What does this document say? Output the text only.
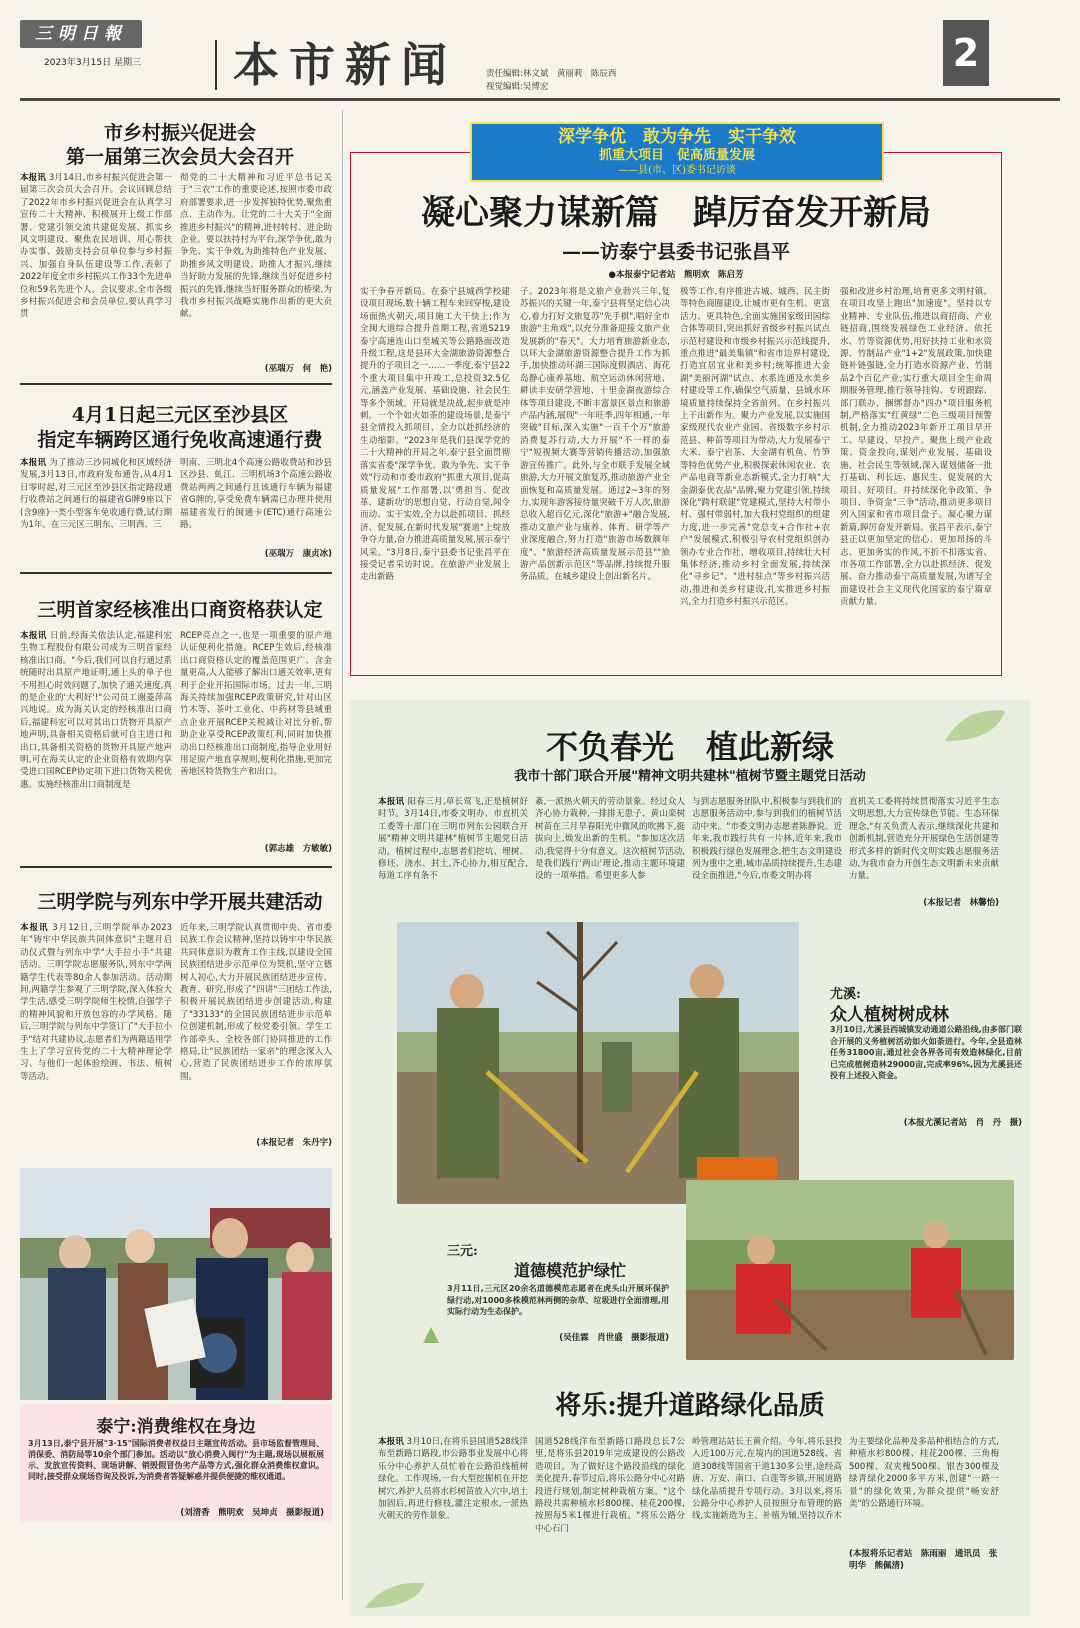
三明日報
2023年3月15日 星期三 本市新闻	责任编辑:林文斌　黄丽莉　陈辰西
视觉编辑:吴博宏
2
市乡村振兴促进会
第一届第三次会员大会召开
本报讯 3月14日,市乡村振兴促进会第一届第三次会员大会召开。会议回顾总结了2022年市乡村振兴促进会在认真学习宣传二十大精神、积极展开上级工作部署、党建引领交流共建促发展、抓实乡风文明建设、聚焦农民培训、用心帮扶办实事、鼓励支持会员单位参与乡村振兴、加强自身队伍建设等工作,表彰了2022年度全市乡村振兴工作33个先进单位和59名先进个人。会议要求,全市各级乡村振兴促进会和会员单位,要认真学习贯
彻党的二十大精神和习近平总书记关于"三农"工作的重要论述,按照市委市政府部署要求,进一步发挥独特优势,聚焦重点、主动作为。让党的二十大关于"全面推进乡村振兴"的精神,进村转村、进企助企业。要以扶持村为平台,深学争优,敢为争先、实干争效,为助推特色产业发展、助推乡风文明建设、助推人才振兴,继续当好助力发展的先锋,继续当好促进乡村振兴的先锋,继续当好服务群众的桥梁,为我市乡村振兴战略实施作出新的更大贡献。
(巫瑞万　何　艳)
4月1日起三元区至沙县区
指定车辆跨区通行免收高速通行费
本报讯 为了推动三沙同城化和区域经济发展,3月13日,市政府发布通告,从4月1日零时起,对三元区至沙县区指定路段通行收费站之间通行的福建省G牌9座以下(含9座)一类小型客车免收通行费,试行期为1年。在三元区三明东、三明西、三
明南、三明北4个高速公路收费站和沙县区沙县、虬江、三明机场3个高速公路收费站两两之间通行且该通行车辆为福建省G牌的,享受免费车辆需已办理并使用福建省发行的闽通卡(ETC)通行高速公路。
(巫瑞万　康贞冰)
三明首家经核准出口商资格获认定
本报讯 日前,经海关依法认定,福建科宏生物工程股份有限公司成为三明首家经核准出口商。"今后,我们可以自行通过系统随时出具原产地证明,通上头的单子也不用担心时效问题了,加快了通关速度,真的是企业的'大利好'!"公司员工谢菱萍高兴地说。成为海关认定的经核准出口商后,福建科宏可以对其出口货物开具原产地声明,具备相关资格后就可自主进口和出口,具备相关资格的货物开具原产地声明,可在海关认定的企业资格有效期内享受进口国RCEP协定项下进口货物关税优惠。实施经核准出口商制度是
RCEP亮点之一,也是一项重要的原产地认证便利化措施。RCEP生效后,经核准出口商资格认定的覆盖范围更广、含金量更高,人人能够了解出口通关效率,更有利于企业开拓国际市场。过去一年,三明海关持续加强RCEP政策研究,针对山区竹木等、茶叶工业化、中药材等县域重点企业开展RCEP关税减让对比分析,帮助企业享受RCEP政策红利,同时加快推动出口经核准出口商制度,指导企业用好用足原产地直享规则,便利化措施,更加完善地区特货物生产和出口。
(郭志雄　方敏敏)
三明学院与列东中学开展共建活动
本报讯 3月12日,三明学院举办2023年"铸牢中华民族共同体意识"主题月启动仪式暨与列东中学"大手拉小手"共建活动。三明学院志愿服务队,列东中学两籍学生代表等80余人参加活动。活动期间,两籍学生参观了三明学院,深入体验大学生活,感受三明学院师生校情,自强学子的精神风貌和开放包容的办学风格。随后,三明学院与列东中学签订了"大手拉小手"结对共建协议,志愿者们为两籍适用学生上了学习宣传党的二十大精神理论学习、与他们一起体验绘画、书法、植树等活动。
近年来,三明学院认真贯彻中央、省市委民族工作会议精神,坚持以铸牢中华民族共同体意识为教育工作主线,以建设全国民族团结进步示范单位为契机,坚守立德树人初心,大力开展民族团结进步宣传、教育、研究,形成了"四讲"三团结工作法,积极开展民族团结进步创建活动,构建了"33133"的全国民族团结进步示范单位创建机制,形成了校党委引领、学生工作部牵头、全校各部门协同推进的工作格局,让"民族团结一家亲"的理念深入人心,营造了民族团结进步工作的浓厚氛围。
(本报记者　朱丹宇)
泰宁:消费维权在身边
3月13日,泰宁县开展"3·15"国际消费者权益日主题宣传活动。县市场监督管理局、消保委、消防局等10余个部门参加。活动以"放心消费入闽行"为主题,现场以展板展示、发放宣传资料、现场讲解、销毁假冒伪劣产品等方式,强化群众消费维权意识。同时,接受群众现场咨询及投诉,为消费者答疑解惑并提供便捷的维权通道。
(刘清香　熊明欢　吴坤贞　摄影报道)
深学争优　敢为争先　实干争效
抓重大项目　促高质量发展
——县(市、区)委书记访谈
凝心聚力谋新篇　踔厉奋发开新局
——访泰宁县委书记张昌平
●本报泰宁记者站　熊明欢　陈启芳
实干争春开新局。在泰宁县城西学校建设项目现场,数十辆工程车来回穿梭,建设场面热火朝天,项目施工大干快上;作为全闽大道综合提升首期工程,省道S219泰宁高速连山口至城关等公路路面改造升级工程,这是县环大金湖旅游资源整合提升的子项目之一……一季度,泰宁县22个重大项目集中开竣工,总投资32.5亿元,涵盖产业发展、基础设施、社会民生等多个领域。开局就是决战,起步就是冲刺。一个个如火如荼的建设场景,是泰宁县全情投入抓项目、全力以赴抓经济的生动缩影。"2023年是我们县深学党的二十大精神的开局之年,泰宁县全面贯彻落实省委"深学争优、敢为争先、实干争效"行动和市委市政府"抓重大项目,促高质量发展"工作部署,以'勇担当、促改革、建新功'的思想自觉、行动自觉,闻令而动、实干实效,全力以赴抓项目、抓经济、促发展,在新时代发展"赛道"上绽放争夺力量,奋力推进高质量发展,展示泰宁风采。"3月8日,泰宁县委书记张昌平在接受记者采访时说。在旅游产业发展上走出新路
子。2023年将是文旅产业勃兴三年,复苏振兴的关键一年,泰宁县将坚定信心决心,着力打好文旅复苏"先手棋",唱好全市旅游"主角戏",以充分准备迎接文旅产业发展新的"春天"。大力培育旅游新业态,以环大金湖旅游资源整合提升工作为抓手,加快推动环湖三国际度假酒店、海花岛静心康养基地、航空运动休闲营地、耕读丰安研学营地、十里金湖夜游综合体等项目建设,不断丰富景区景点和旅游产品内涵,展现"一年旺季,四年相通,一年突破"目标,深入实施"一百千个万"旅游消费复苏行动,大力开展"不一样的泰宁"短视频大赛等营销传播活动,加强旅游宣传推广。此外,与全市联手发展全域旅游,大力开展文旅复苏,推动旅游产业全面恢复和高质量发展。通过2~3年的努力,实现年游客接待量突破千万人次,旅游总收入超百亿元,深化"旅游+"融合发展,推动文旅产业与康养、体育、研学等产业深度融合,努力打造"旅游市场数额年度"、"旅游经济高质量发展示范县""旅游产品创新示范区"等品牌,持续提升服务品质。在城乡建设上创出新名片。
极等工作,有序推进古城、城西、民主街等特色商圈建设,让城市更有生机、更富活力、更具特色,全面实施国家级田园综合体等项目,突出抓好省级乡村振兴试点示范村建设和市级乡村振兴示范线提升,重点推进"最美集镇"和省市边界村建设,打造宜居宜业和美乡村;统筹推进大金湖"美丽河湖"试点、水系连通及水美乡村建设等工作,确保空气质量、县域水环境质量持续保持全省前列。在乡村振兴上干出新作为。聚力产业发展,以实施国家级现代农业产业园、省级数字乡村示范县、种苗等项目为带动,大力发展泰宁大米、泰宁岩茶、大金湖有机鱼、竹笋等特色优势产业,积极探索休闲农业、农产品电商等新业态新模式,全力打响"大金湖泰优农品"品牌,聚力党建引领,持续深化"跨村联建"党建模式,坚持大村带小村、强村带弱村,加大我村党组织的组建力度,进一步完善"党总支+合作社+农户"发展模式,积极引导农村党组织创办领办专业合作社、增收项目,持续壮大村集体经济,推动乡村全面发展,持续深化"寻乡记"、"进村驻点"等乡村振兴活动,推进和美乡村建设,扎实推进乡村振兴,全力打造乡村振兴示范区。
强和改进乡村治理,培育更多文明村镇。在项目攻坚上跑出"加速度"。坚持以专业精神、专业队伍,推进以商招商、产业链招商,围绕发展绿色工业经济、依托水、竹等资源优势,用好扶持工业和水资源、竹制品产业"1+2"发展政策,加快建链补链强链,全力打造水资源产业、竹制品2个百亿产业;实行重大项目全生命周期服务管理,推行领导挂钩、专班跟踪、部门联办、捆绑督办"四办"项目服务机制,严格落实"红黄绿"二色三级项目预警机制,全力推动2023年新开工项目早开工、早建设、早投产。聚焦上级产业政策、资金投向,谋划产业发展、基础设施、社会民生等领域,深入谋划储备一批打基础、利长远、惠民生、促发展的大项目、好项目。并持续深化争政策、争项目、争资金"三争"活动,推动更多项目列入国家和省市项目盘子。凝心聚力谋新篇,踔厉奋发开新局。张昌平表示,泰宁县正以更加坚定的信心、更加昂扬的斗志、更加务实的作风,不折不扣落实省、市各项工作部署,全力以赴抓经济、促发展、奋力推动泰宁高质量发展,为谱写全面建设社会主义现代化国家的泰宁篇章贡献力量。
不负春光　植此新绿
我市十部门联合开展"精神文明共建林"植树节暨主题党日活动
本报讯 阳春三月,草长莺飞,正是植树好时节。3月14日,市委文明办、市直机关工委等十部门在三明市列东公园联合开展"精神文明共建林"植树节主题党日活动。植树过程中,志愿者们挖坑、埋树、修坯、浇水、封土,齐心协力,相互配合,每道工序有条不
紊,一派热火朝天的劳动景象。经过众人齐心协力栽种,一排排无患子、黄山栾树树苗在三月早春阳光中微风的吹拂下,挺拔向上,焕发出新的生机。"参加这次活动,我觉得十分有意义。这次植树节活动,是我们践行'两山'理论,推动主题环境建设的一项举措。希望更多人参
与到志愿服务团队中,积极参与到我们的志愿服务活动中,参与到我们的植树节活动中来。"市委文明办志愿者陈静说。近年来,我市践行共有一片林,近年来,我市积极践行绿色发展理念,把生态文明建设列为重中之重,城市品质持续提升,生态建设全面推进,"今后,市委文明办将
直机关工委将持续贯彻落实习近平生态文明思想,大力宣传绿色节能、生态环保理念,"有关负责人表示,继续深化共建和创新机制,营造充分开展绿色生活创建等形式多样的新时代文明实践志愿服务活动,为我市奋力开创生态文明新未来贡献力量。
(本报记者　林馨怡)
尤溪:
众人植树树成林
3月10日,尤溪县西城镇发动通道公路沿线,由多部门联合开展的义务植树活动如火如荼进行。今年,全县造林任务31800亩,通过社会各界各司有效造林绿化,目前已完成植树造林29000亩,完成率96%,因为尤溪县还投有上述投入资金。
(本报尤溪记者站　肖　丹　摄)
三元:
道德模范护绿忙
3月11日,三元区20余名道德模范志愿者在虎头山开展环保护绿行动,对1000多株模范林两侧的杂草、垃圾进行全面清理,用实际行动为生态保护。
(吴佳霖　肖世盛　摄影报道)
将乐:提升道路绿化品质
本报讯 3月10日,在将乐县国道528线洋布至新路口路段,市公路事业发展中心将乐分中心养护人员忙着在公路沿线植树绿化。工作现场,一台大型挖掘机在开挖树穴,养护人员将水杉树苗放入穴中,培土加固后,再进行修枝,灌注定根水,一派热火朝天的劳作景象。
国道528线洋布至新路口路段总长7公里,是将乐县2019年完成建设的公路改造项目。为了做好这个路段沿线的绿化美化提升,春节过后,将乐公路分中心对路段进行规划,制定树种栽植方案。"这个路段共需种植水杉800棵、桂花200棵,按照每5米1棵进行栽植。"将乐公路分中心石门
岭管理站站长王黄介绍。今年,将乐县投入近100万元,在境内的国道528线、省道308线等国省干道130多公里,途经高唐、万安、南口、白莲等乡镇,开展道路绿化品质提升专项行动。3月以来,将乐公路分中心养护人员按照分布管理的路线,实施新造为主、补植为辅,坚持以乔木
为主要绿化品种及多品种相结合的方式,种植水杉800棵、桂花200棵、三角梅500棵、双夹槐500棵、银杏300棵及绿青绿化2000多平方米,创建"一路一景"的绿化效果,为群众提供"畅安舒美"的公路通行环境。
(本报将乐记者站　陈雨丽　通讯员　张明华　熊佩清)
